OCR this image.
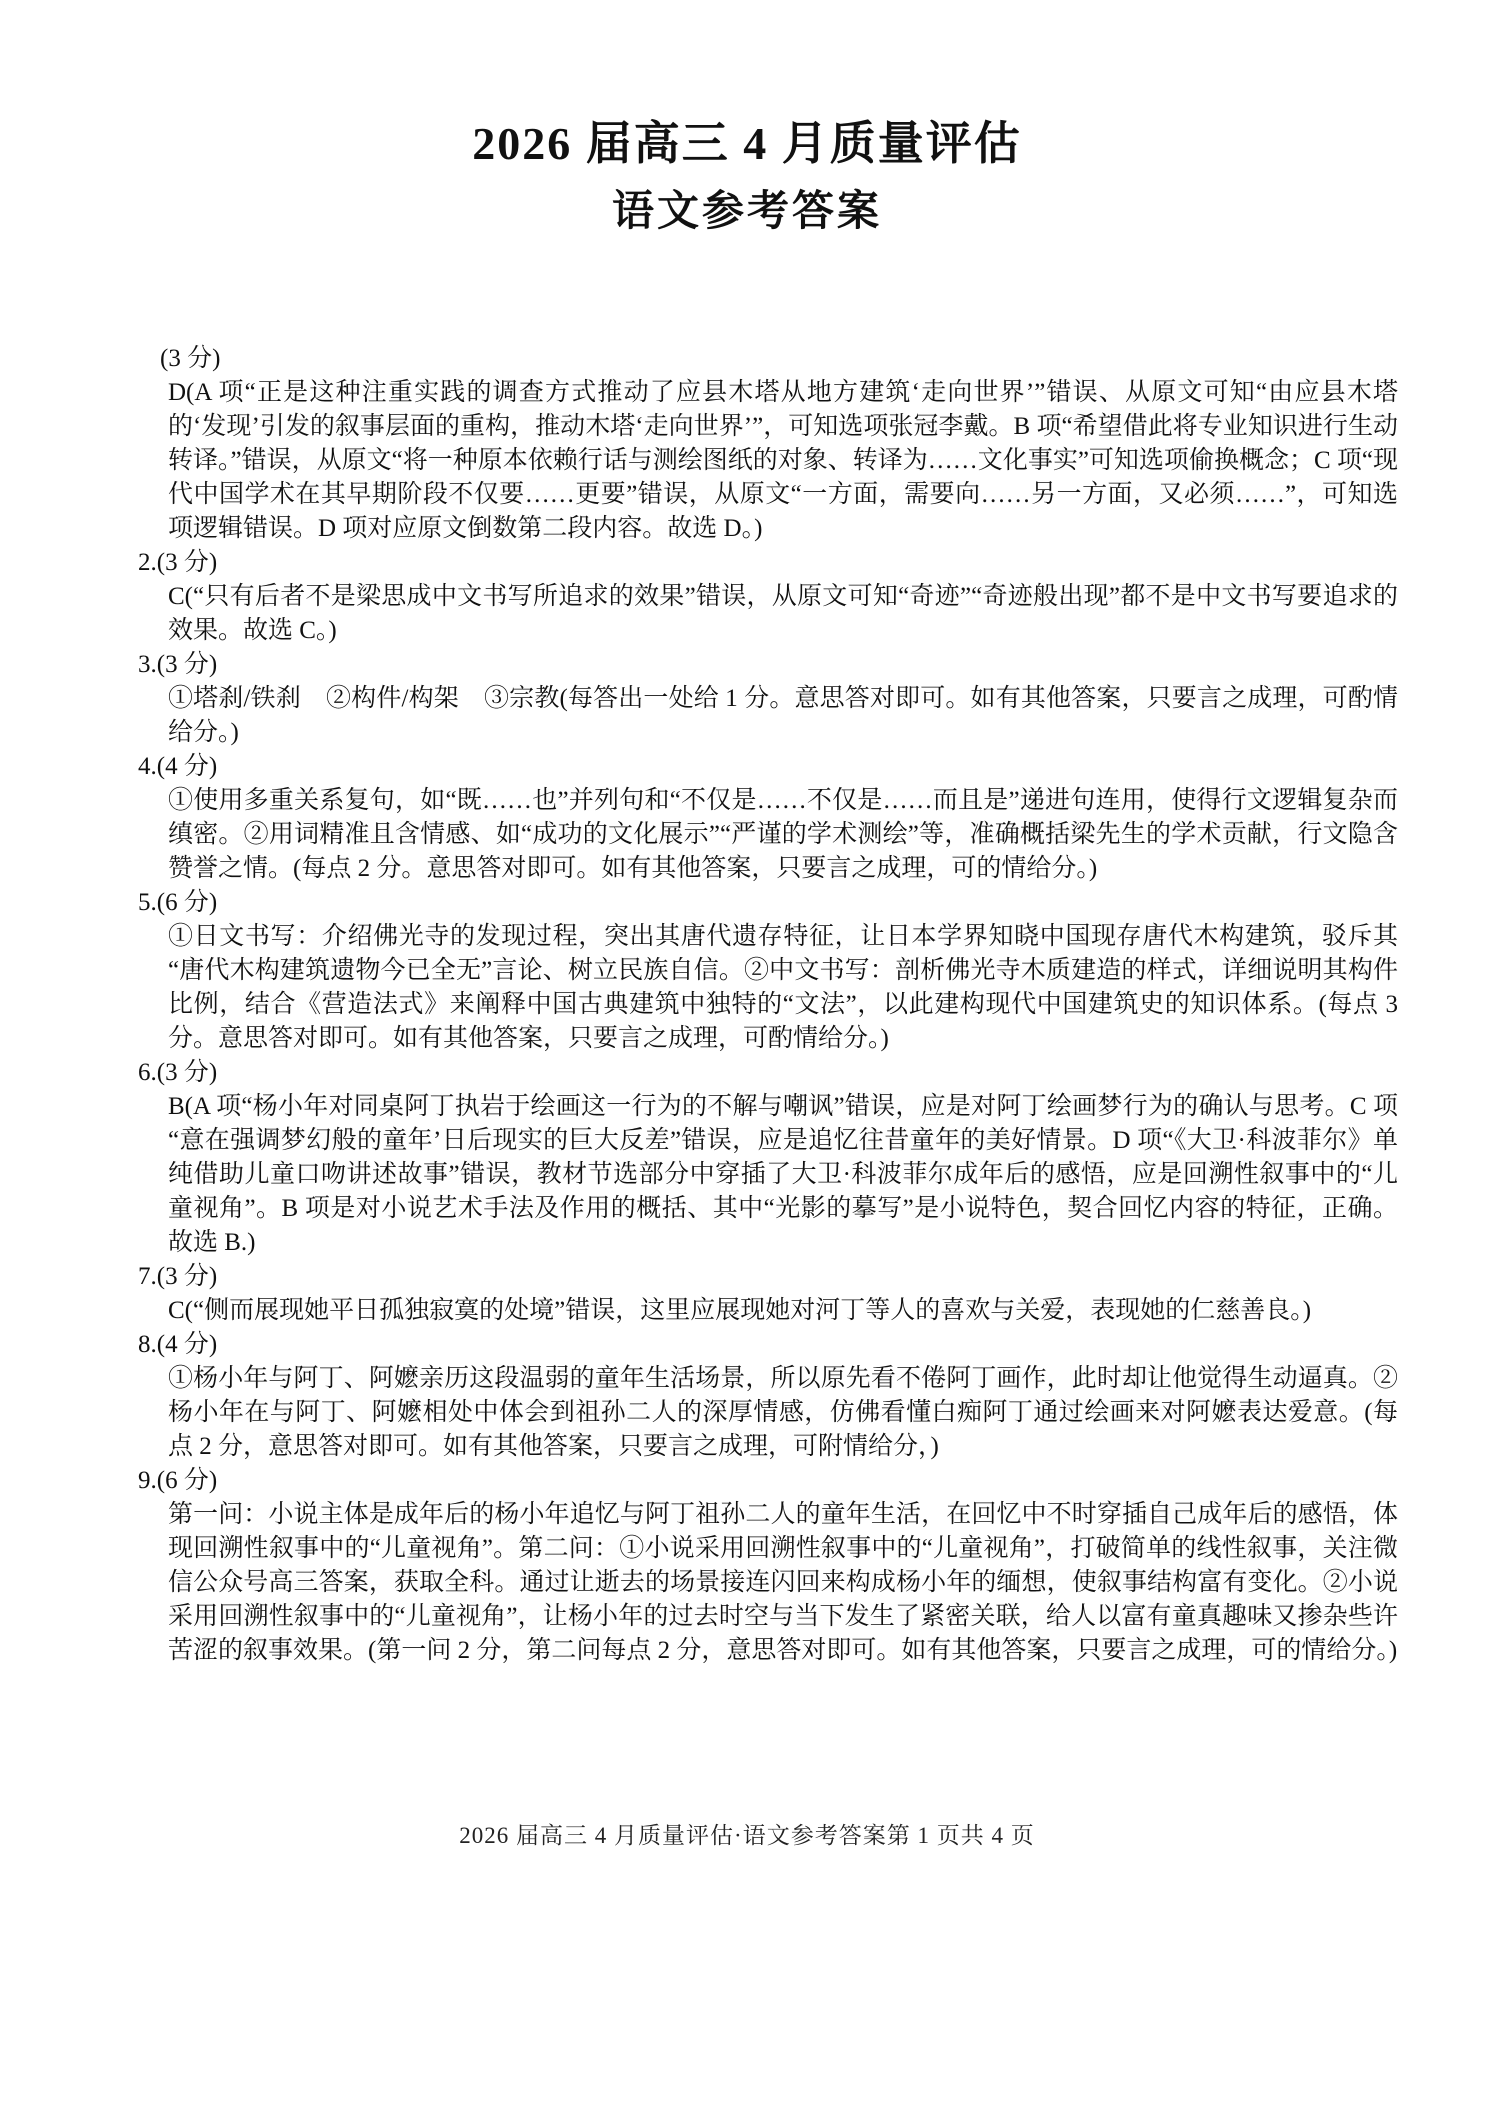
2026 届高三 4 月质量评估
语文参考答案
(3 分)
D(A 项“正是这种注重实践的调查方式推动了应县木塔从地方建筑‘走向世界’”错误、从原文可知“由应县木塔的‘发现’引发的叙事层面的重构，推动木塔‘走向世界’”，可知选项张冠李戴。B 项“希望借此将专业知识进行生动转译。”错误，从原文“将一种原本依赖行话与测绘图纸的对象、转译为……文化事实”可知选项偷换概念；C 项“现代中国学术在其早期阶段不仅要……更要”错误，从原文“一方面，需要向……另一方面，又必须……”，可知选项逻辑错误。D 项对应原文倒数第二段内容。故选 D。)
2.(3 分)
C(“只有后者不是梁思成中文书写所追求的效果”错误，从原文可知“奇迹”“奇迹般出现”都不是中文书写要追求的效果。故选 C。)
3.(3 分)
①塔刹/铁刹　②构件/构架　③宗教(每答出一处给 1 分。意思答对即可。如有其他答案，只要言之成理，可酌情给分。)
4.(4 分)
①使用多重关系复句，如“既……也”并列句和“不仅是……不仅是……而且是”递进句连用，使得行文逻辑复杂而缜密。②用词精准且含情感、如“成功的文化展示”“严谨的学术测绘”等，准确概括梁先生的学术贡献，行文隐含赞誉之情。(每点 2 分。意思答对即可。如有其他答案，只要言之成理，可的情给分。)
5.(6 分)
①日文书写：介绍佛光寺的发现过程，突出其唐代遗存特征，让日本学界知晓中国现存唐代木构建筑，驳斥其“唐代木构建筑遗物今已全无”言论、树立民族自信。②中文书写：剖析佛光寺木质建造的样式，详细说明其构件比例，结合《营造法式》来阐释中国古典建筑中独特的“文法”，以此建构现代中国建筑史的知识体系。(每点 3 分。意思答对即可。如有其他答案，只要言之成理，可酌情给分。)
6.(3 分)
B(A 项“杨小年对同桌阿丁执岩于绘画这一行为的不解与嘲讽”错误，应是对阿丁绘画梦行为的确认与思考。C 项“意在强调梦幻般的童年’日后现实的巨大反差”错误，应是追忆往昔童年的美好情景。D 项“《大卫·科波菲尔》单纯借助儿童口吻讲述故事”错误，教材节选部分中穿插了大卫·科波菲尔成年后的感悟，应是回溯性叙事中的“儿童视角”。B 项是对小说艺术手法及作用的概括、其中“光影的摹写”是小说特色，契合回忆内容的特征，正确。故选 B.)
7.(3 分)
C(“侧而展现她平日孤独寂寞的处境”错误，这里应展现她对河丁等人的喜欢与关爱，表现她的仁慈善良。)
8.(4 分)
①杨小年与阿丁、阿嬷亲历这段温弱的童年生活场景，所以原先看不倦阿丁画作，此时却让他觉得生动逼真。②杨小年在与阿丁、阿嬷相处中体会到祖孙二人的深厚情感，仿佛看懂白痴阿丁通过绘画来对阿嬷表达爱意。(每点 2 分，意思答对即可。如有其他答案，只要言之成理，可附情给分，)
9.(6 分)
第一问：小说主体是成年后的杨小年追忆与阿丁祖孙二人的童年生活，在回忆中不时穿插自己成年后的感悟，体现回溯性叙事中的“儿童视角”。第二问：①小说采用回溯性叙事中的“儿童视角”，打破简单的线性叙事，关注微信公众号高三答案，获取全科。通过让逝去的场景接连闪回来构成杨小年的缅想，使叙事结构富有变化。②小说采用回溯性叙事中的“儿童视角”，让杨小年的过去时空与当下发生了紧密关联，给人以富有童真趣味又掺杂些许苦涩的叙事效果。(第一问 2 分，第二问每点 2 分，意思答对即可。如有其他答案，只要言之成理，可的情给分。)
2026 届高三 4 月质量评估·语文参考答案第 1 页共 4 页
